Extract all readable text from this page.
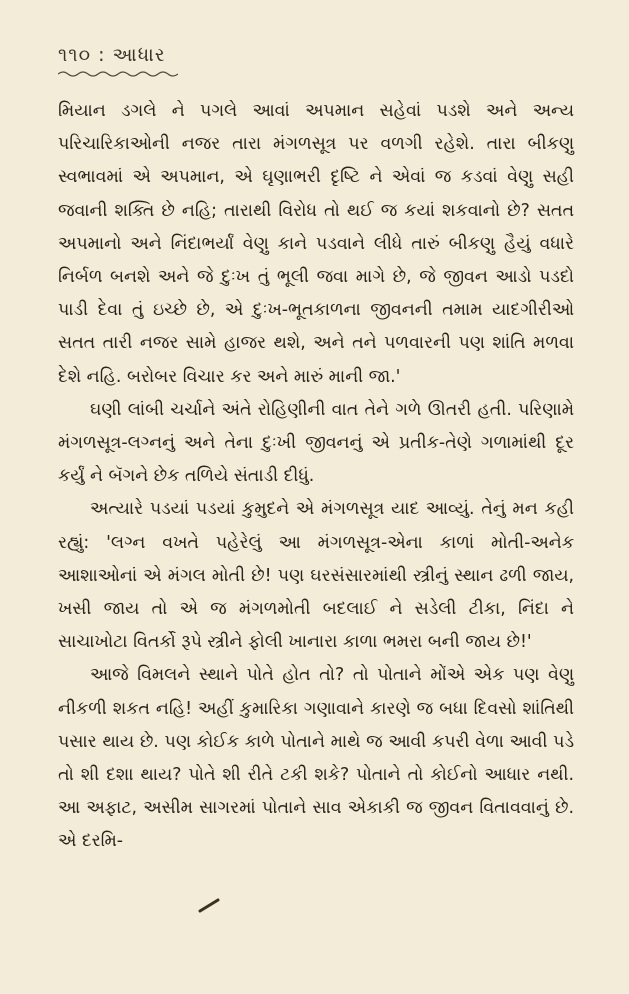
૧૧૦ : આધાર

મિયાન ડગલે ને પગલે આવાં અપમાન સહેવાં પડશે અને અન્ય પરિચારિકાઓની નજર તારા મંગળસૂત્ર પર વળગી રહેશે. તારા બીકણુ સ્વભાવમાં એ અપમાન, એ ઘૃણાભરી દૃષ્ટિ ને એવાં જ કડવાં વેણુ સહી જવાની શક્તિ છે નહિ; તારાથી વિરોધ તો થઈ જ કયાં શકવાનો છે? સતત અપમાનો અને નિંદાભર્યાં વેણુ કાને પડવાને લીધે તારું બીકણુ હૈયું વધારે નિર્બળ બનશે અને જે દુઃખ તું ભૂલી જવા માગે છે, જે જીવન આડો પડદો પાડી દેવા તું ઇચ્છે છે, એ દુઃખ-ભૂતકાળના જીવનની તમામ યાદગીરીઓ સતત તારી નજર સામે હાજર થશે, અને તને પળવારની પણ શાંતિ મળવા દેશે નહિ. બરોબર વિચાર કર અને મારું માની જા.'

ઘણી લાંબી ચર્ચાને અંતે રોહિણીની વાત તેને ગળે ઊતરી હતી. પરિણામે મંગળસૂત્ર-લગ્નનું અને તેના દુઃખી જીવનનું એ પ્રતીક-તેણે ગળામાંથી દૂર કર્યું ને બૅગને છેક તળિયે સંતાડી દીધું.

અત્યારે પડયાં પડયાં કુમુદને એ મંગળસૂત્ર યાદ આવ્યું. તેનું મન કહી રહ્યું: 'લગ્ન વખતે પહેરેલું આ મંગળસૂત્ર-એના કાળાં મોતી-અનેક આશાઓનાં એ મંગલ મોતી છે! પણ ઘરસંસારમાંથી સ્ત્રીનું સ્થાન ઢળી જાય, ખસી જાય તો એ જ મંગળમોતી બદલાઈ ને સડેલી ટીકા, નિંદા ને સાચાખોટા વિતર્કો રૂપે સ્ત્રીને ફોલી ખાનારા કાળા ભમરા બની જાય છે!'

આજે વિમલને સ્થાને પોતે હોત તો? તો પોતાને મોંએ એક પણ વેણુ નીકળી શકત નહિ! અહીં કુમારિકા ગણાવાને કારણે જ બધા દિવસો શાંતિથી પસાર થાય છે. પણ કોઈક કાળે પોતાને માથે જ આવી કપરી વેળા આવી પડે તો શી દશા થાય? પોતે શી રીતે ટકી શકે? પોતાને તો કોઈનો આધાર નથી. આ અફાટ, અસીમ સાગરમાં પોતાને સાવ એકાકી જ જીવન વિતાવવાનું છે. એ દરમિ-
